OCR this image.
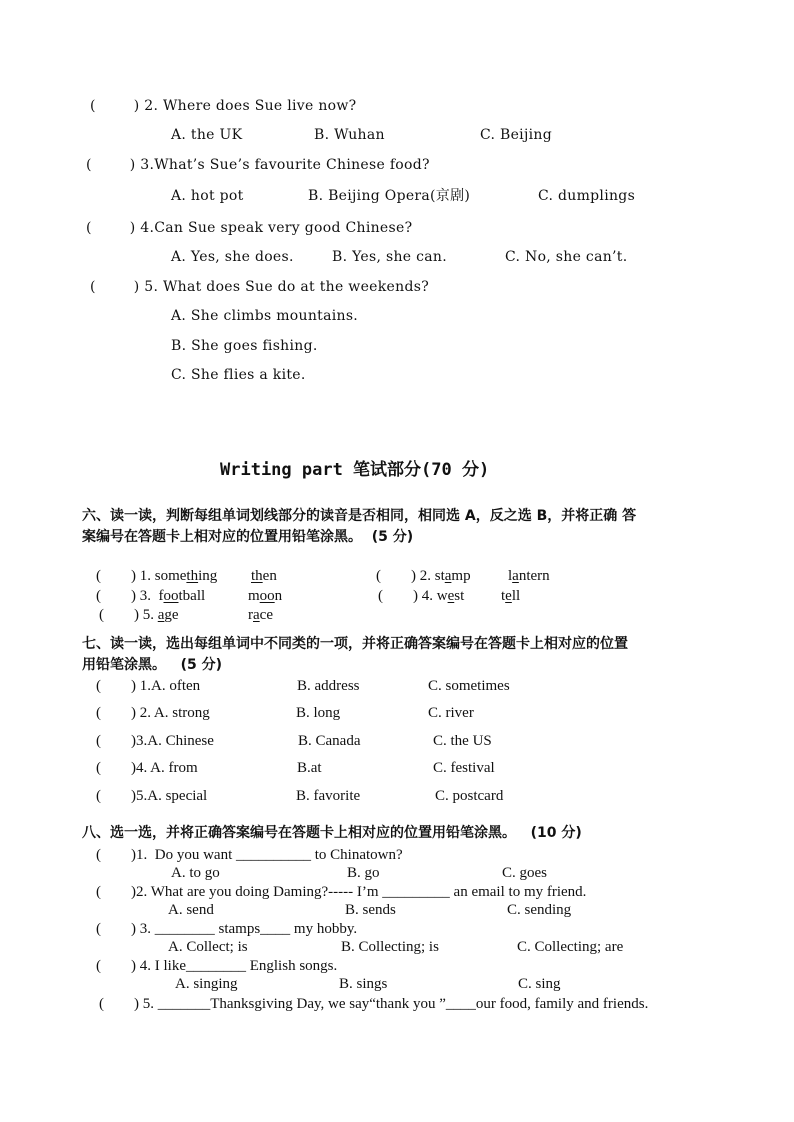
(        ) 2. Where does Sue live now?
A. the UK	B. Wuhan	C. Beijing
(        ) 3.What’s Sue’s favourite Chinese food?
A. hot pot	B. Beijing Opera(京剧)	C. dumplings
(        ) 4.Can Sue speak very good Chinese?
A. Yes, she does.	B. Yes, she can.	C. No, she can’t.
(        ) 5. What does Sue do at the weekends?
A. She climbs mountains.
B. She goes fishing.
C. She flies a kite.
Writing part 笔试部分(70 分)
六、读一读，判断每组单词划线部分的读音是否相同，相同选 A，反之选 B，并将正确 答
案编号在答题卡上相对应的位置用铅笔涂黑。  (5 分)
(        ) 1. something then	(        ) 2. stamp lantern
(        ) 3.  football	moon	(        ) 4. west tell
(        ) 5. age	race
七、读一读，选出每组单词中不同类的一项，并将正确答案编号在答题卡上相对应的位置
用铅笔涂黑。   (5 分)
(        ) 1.A. often	B. address	C. sometimes
(        ) 2. A. strong	B. long	C. river
(        )3.A. Chinese	B. Canada	C. the US
(        )4. A. from	B.at	C. festival
(        )5.A. special	B. favorite	C. postcard
八、选一选，并将正确答案编号在答题卡上相对应的位置用铅笔涂黑。   (10 分)
(        )1.  Do you want __________ to Chinatown?
A. to go	B. go	C. goes
(        )2. What are you doing Daming?----- I’m _________ an email to my friend.
A. send	B. sends	C. sending
(        ) 3. ________ stamps____ my hobby.
A. Collect; is	B. Collecting; is	C. Collecting; are
(        ) 4. I like________ English songs.
A. singing	B. sings	C. sing
(        ) 5. _______Thanksgiving Day, we say“thank you ”____our food, family and friends.
